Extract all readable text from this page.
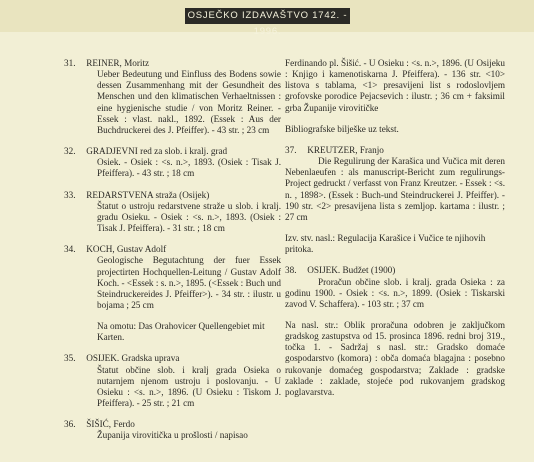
OSJEČKO IZDAVAŠTVO 1742. - 1996.
31. REINER, Moritz
Ueber Bedeutung und Einfluss des Bodens sowie dessen Zusammenhang mit der Gesundheit des Menschen und den klimatischen Verhaeltnissen : eine hygienische studie / von Moritz Reiner. - Essek : vlast. nakl., 1892. (Essek : Aus der Buchdruckerei des J. Pfeiffer). - 43 str. ; 23 cm
32. GRADJEVNI red za slob. i kralj. grad
Osiek. - Osiek : <s. n.>, 1893. (Osiek : Tisak J. Pfeiffera). - 43 str. ; 18 cm
33. REDARSTVENA straža (Osijek)
Štatut o ustroju redarstvene straže u slob. i kralj. gradu Osieku. - Osiek : <s. n.>, 1893. (Osiek : Tisak J. Pfeiffera). - 31 str. ; 18 cm
34. KOCH, Gustav Adolf
Geologische Begutachtung der fuer Essek projectirten Hochquellen-Leitung / Gustav Adolf Koch. - <Essek : s. n.>, 1895. (<Essek : Buch und Steindruckereides J. Pfeiffer>). - 34 str. : ilustr. u bojama ; 25 cm
Na omotu: Das Orahovicer Quellengebiet mit Karten.
35. OSIJEK. Gradska uprava
Štatut občine slob. i kralj grada Osieka o nutarnjem njenom ustroju i poslovanju. - U Osieku : <s. n.>, 1896. (U Osieku : Tiskom J. Pfeiffera). - 25 str. ; 21 cm
36. ŠIŠIĆ, Ferdo
Županija virovitička u prošlosti / napisao
Ferdinando pl. Šišić. - U Osieku : <s. n.>, 1896. (U Osijeku : Knjigo i kamenotiskarna J. Pfeiffera). - 136 str. <10> listova s tablama, <1> presavijeni list s rodoslovljem grofovske porodice Pejacsevich : ilustr. ; 36 cm + faksimil grba Županije virovitičke
Bibliografske bilješke uz tekst.
37. KREUTZER, Franjo
Die Regulirung der Karašica und Vučica mit deren Nebenlaeufen : als manuscript-Bericht zum regulirungs-Project gedruckt / verfasst von Franz Kreutzer. - Essek : <s. n. , 1898>. (Essek : Buch-und Steindruckerei J. Pfeiffer). - 190 str. <2> presavijena lista s zemljop. kartama : ilustr. ; 27 cm
Izv. stv. nasl.: Regulacija Karašice i Vučice te njihovih pritoka.
38. OSIJEK. Budžet (1900)
Proračun občine slob. i kralj. grada Osieka : za godinu 1900. - Osiek : <s. n.>, 1899. (Osiek : Tiskarski zavod V. Schaffera). - 103 str. ; 37 cm
Na nasl. str.: Oblik proračuna odobren je zaključkom gradskog zastupstva od 15. prosinca 1896. redni broj 319., točka 1. - Sadržaj s nasl. str.: Gradsko domaće gospodarstvo (komora) : občа domaća blagajna : posebno rukovanje domaćeg gospodarstva; Zaklade : gradske zaklade : zaklade, stojeće pod rukovanjem gradskog poglavarstva.
